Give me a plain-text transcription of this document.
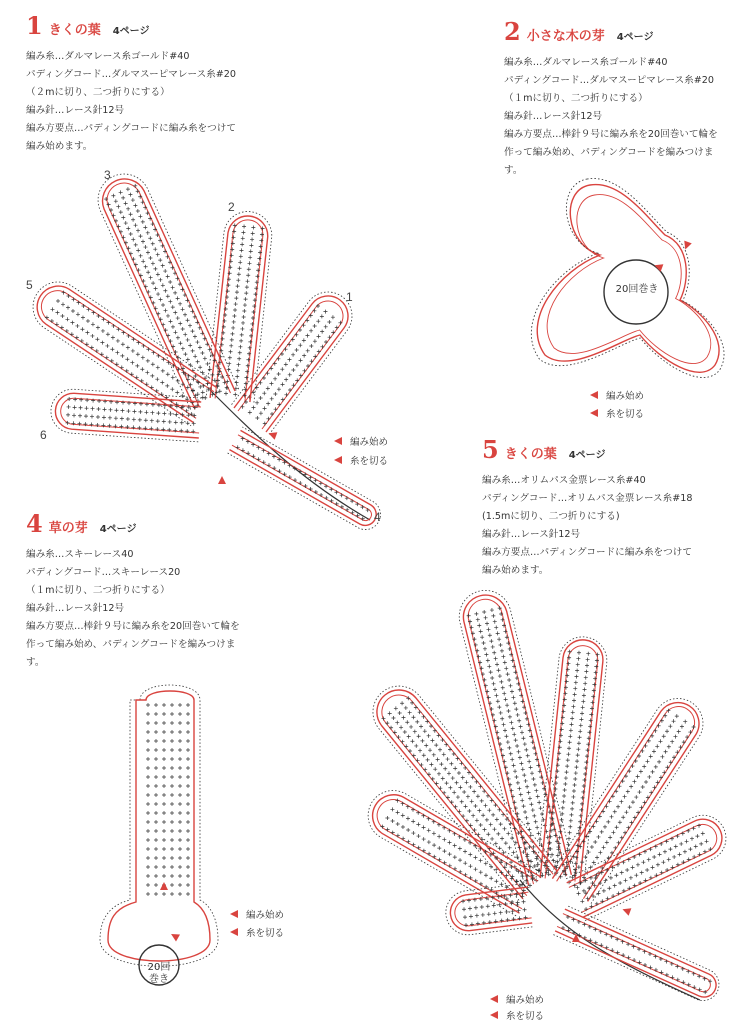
1 きくの葉 4ページ
編み糸…ダルマレース糸ゴールド#40
パディングコード…ダルマスーピマレース糸#20
（２mに切り、二つ折りにする）
編み針…レース針12号
編み方要点…パディングコードに編み糸をつけて
編み始めます。
2 小さな木の芽 4ページ
編み糸…ダルマレース糸ゴールド#40
パディングコード…ダルマスーピマレース糸#20
（１mに切り、二つ折りにする）
編み針…レース針12号
編み方要点…棒針９号に編み糸を20回巻いて輪を
作って編み始め、パディングコードを編みつけま
す。
4 草の芽 4ページ
編み糸…スキーレース40
パディングコード…スキーレース20
（１mに切り、二つ折りにする）
編み針…レース針12号
編み方要点…棒針９号に編み糸を20回巻いて輪を
作って編み始め、パディングコードを編みつけま
す。
5 きくの葉 4ページ
編み糸…オリムパス金票レース糸#40
パディングコード…オリムパス金票レース糸#18
(1.5mに切り、二つ折りにする)
編み針…レース針12号
編み方要点…パディングコードに編み糸をつけて
編み始めます。
1
2
3
4
5
6
20回巻き
20回
巻き
編み始め
糸を切る
編み始め
糸を切る
編み始め
糸を切る
編み始め
糸を切る
